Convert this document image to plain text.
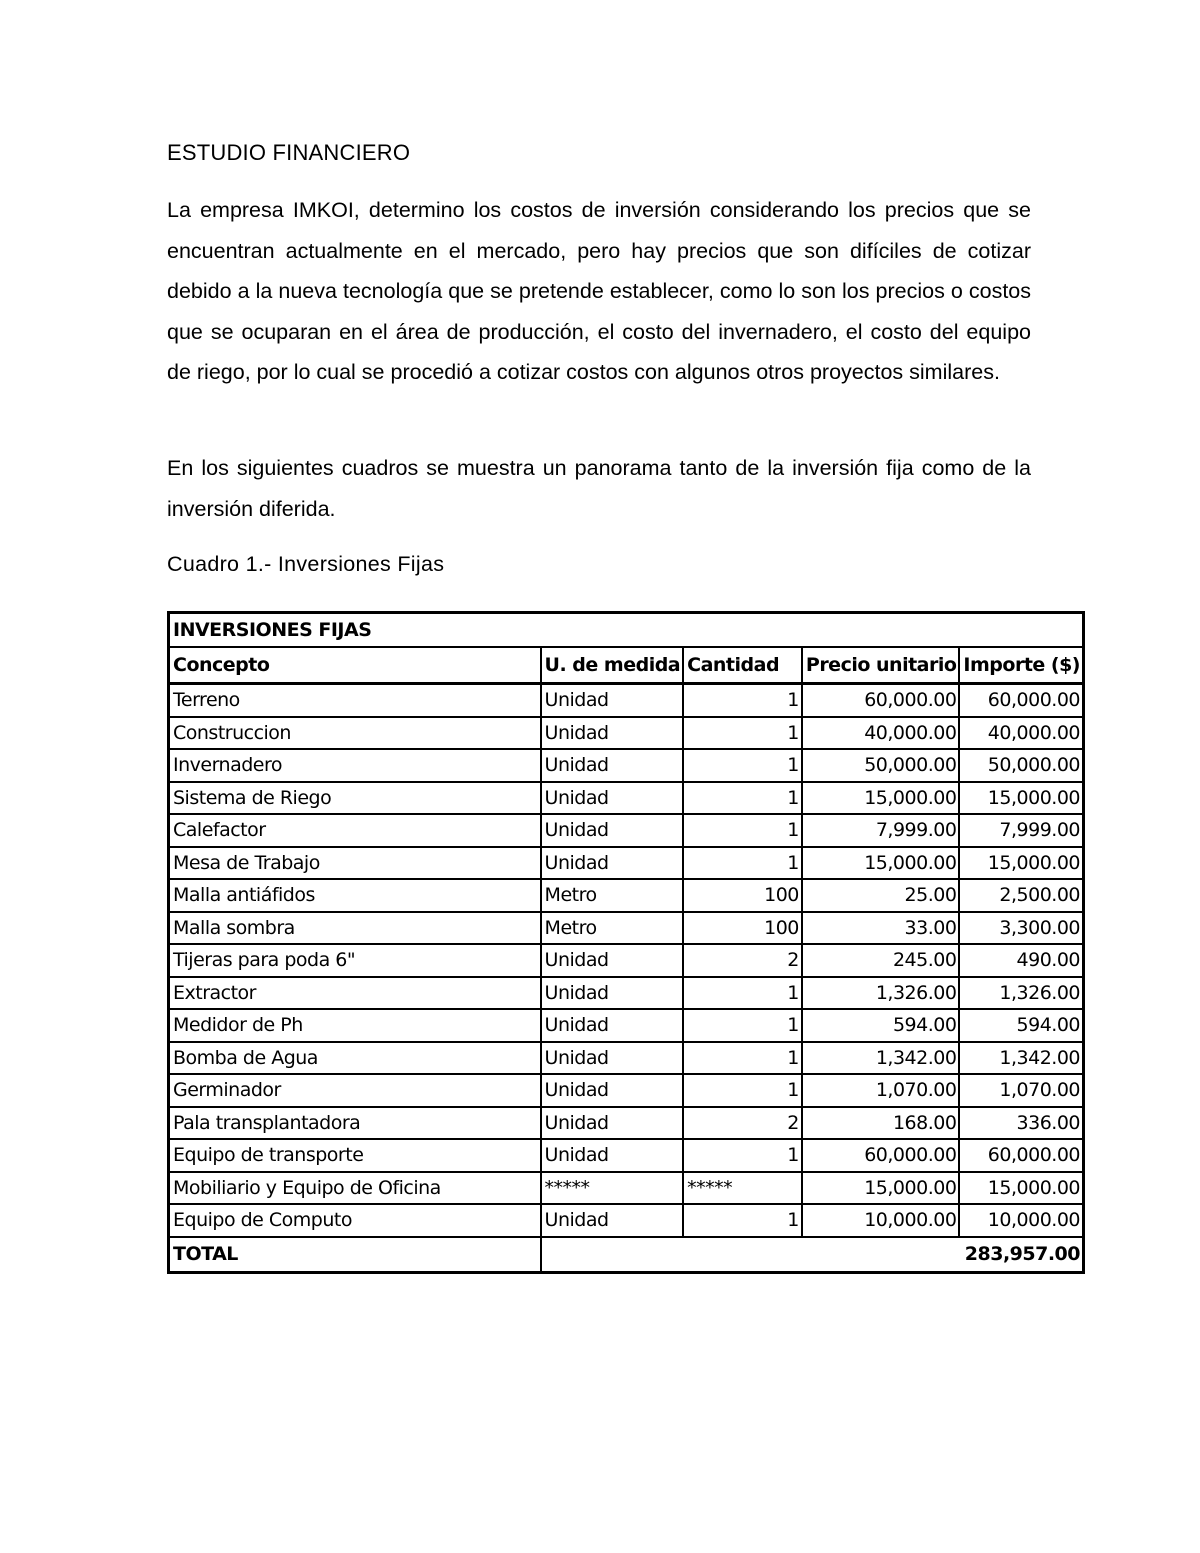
ESTUDIO FINANCIERO
La empresa IMKOI, determino los costos de inversión considerando los precios que se encuentran actualmente en el mercado, pero hay precios que son difíciles de cotizar debido a la nueva tecnología que se pretende establecer, como lo son los precios o costos que se ocuparan en el área de producción, el costo del invernadero, el costo del equipo de riego, por lo cual se procedió a cotizar costos con algunos otros proyectos similares.
En los siguientes cuadros se muestra un panorama tanto de la inversión fija como de la inversión diferida.
Cuadro 1.- Inversiones Fijas
INVERSIONES FIJAS				
Concepto	U. de medida	Cantidad	Precio unitario	Importe ($)
Terreno	Unidad	1	60,000.00	60,000.00
Construccion	Unidad	1	40,000.00	40,000.00
Invernadero	Unidad	1	50,000.00	50,000.00
Sistema de Riego	Unidad	1	15,000.00	15,000.00
Calefactor	Unidad	1	7,999.00	7,999.00
Mesa de Trabajo	Unidad	1	15,000.00	15,000.00
Malla antiáfidos	Metro	100	25.00	2,500.00
Malla sombra	Metro	100	33.00	3,300.00
Tijeras para poda 6"	Unidad	2	245.00	490.00
Extractor	Unidad	1	1,326.00	1,326.00
Medidor de Ph	Unidad	1	594.00	594.00
Bomba de Agua	Unidad	1	1,342.00	1,342.00
Germinador	Unidad	1	1,070.00	1,070.00
Pala transplantadora	Unidad	2	168.00	336.00
Equipo de transporte	Unidad	1	60,000.00	60,000.00
Mobiliario y Equipo de Oficina	*****	*****	15,000.00	15,000.00
Equipo de Computo	Unidad	1	10,000.00	10,000.00
TOTAL	283,957.00			
